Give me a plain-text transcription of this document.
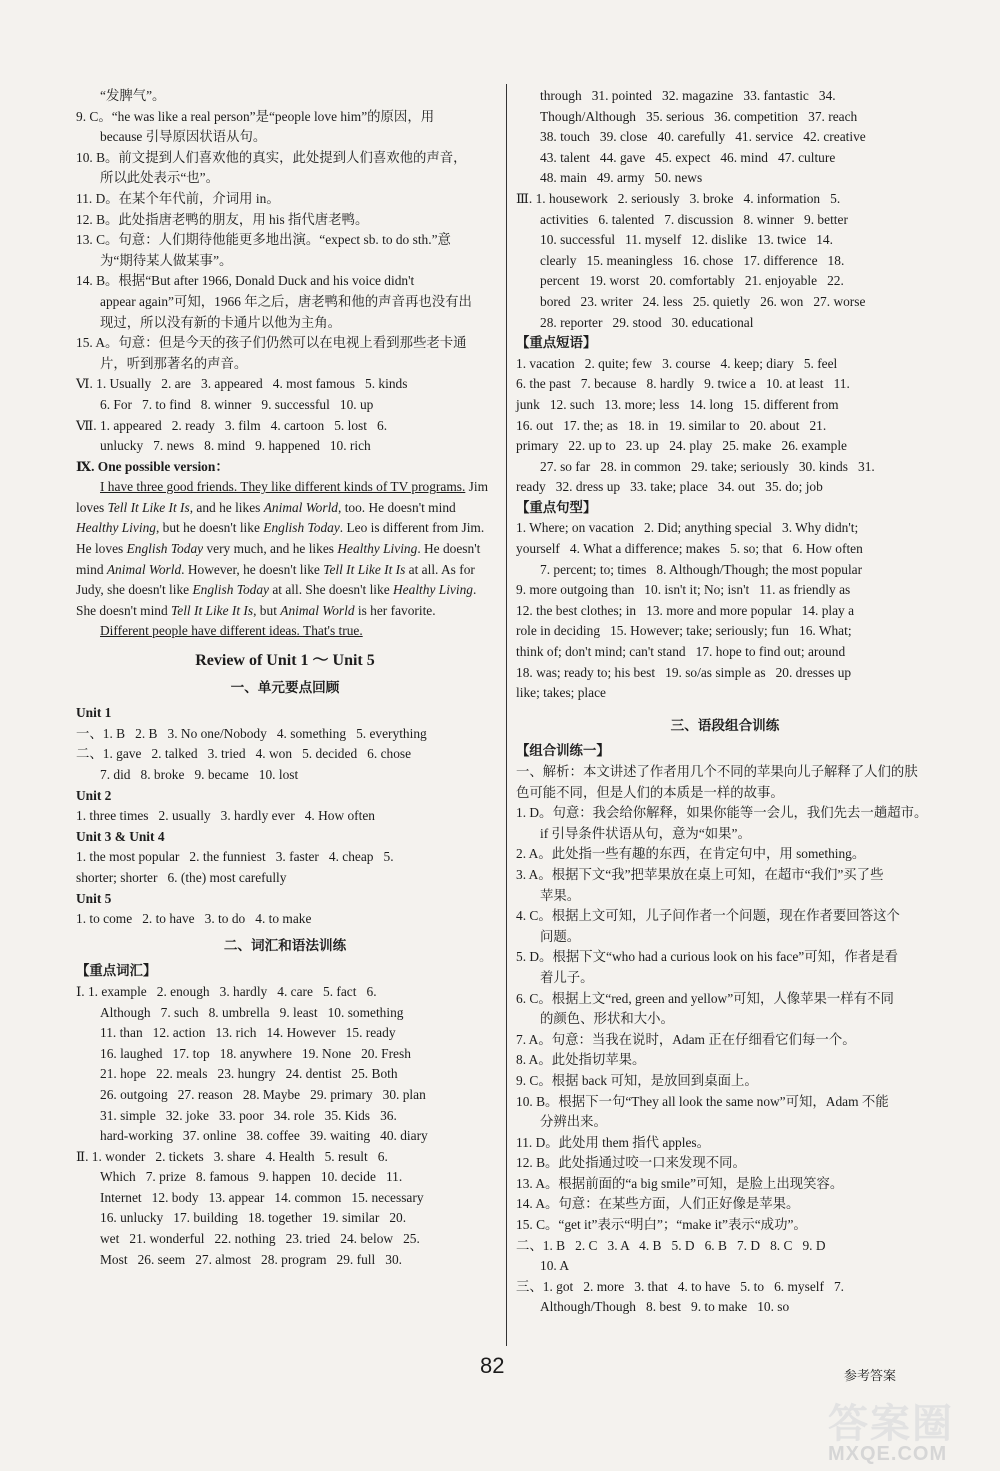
“发脾气”。
9. C。“he was like a real person”是“people love him”的原因，用
because 引导原因状语从句。
10. B。前文提到人们喜欢他的真实，此处提到人们喜欢他的声音，
所以此处表示“也”。
11. D。在某个年代前，介词用 in。
12. B。此处指唐老鸭的朋友，用 his 指代唐老鸭。
13. C。句意：人们期待他能更多地出演。“expect sb. to do sth.”意
为“期待某人做某事”。
14. B。根据“But after 1966, Donald Duck and his voice didn't
appear again”可知，1966 年之后，唐老鸭和他的声音再也没有出
现过，所以没有新的卡通片以他为主角。
15. A。句意：但是今天的孩子们仍然可以在电视上看到那些老卡通
片，听到那著名的声音。
Ⅵ. 1. Usually   2. are   3. appeared   4. most famous   5. kinds
6. For   7. to find   8. winner   9. successful   10. up
Ⅶ. 1. appeared   2. ready   3. film   4. cartoon   5. lost   6.
unlucky   7. news   8. mind   9. happened   10. rich
Ⅸ. One possible version：
I have three good friends. They like different kinds of TV programs. Jim loves Tell It Like It Is, and he likes Animal World, too. He doesn't mind Healthy Living, but he doesn't like English Today. Leo is different from Jim. He loves English Today very much, and he likes Healthy Living. He doesn't mind Animal World. However, he doesn't like Tell It Like It Is at all. As for Judy, she doesn't like English Today at all. She doesn't like Healthy Living. She doesn't mind Tell It Like It Is, but Animal World is her favorite.
Different people have different ideas. That's true.
Review of Unit 1 ～ Unit 5
一、单元要点回顾
Unit 1
一、1. B   2. B   3. No one/Nobody   4. something   5. everything
二、1. gave   2. talked   3. tried   4. won   5. decided   6. chose
7. did   8. broke   9. became   10. lost
Unit 2
1. three times   2. usually   3. hardly ever   4. How often
Unit 3 & Unit 4
1. the most popular   2. the funniest   3. faster   4. cheap   5.
shorter; shorter   6. (the) most carefully
Unit 5
1. to come   2. to have   3. to do   4. to make
二、词汇和语法训练
【重点词汇】
Ⅰ. 1. example   2. enough   3. hardly   4. care   5. fact   6.
Although   7. such   8. umbrella   9. least   10. something
11. than   12. action   13. rich   14. However   15. ready
16. laughed   17. top   18. anywhere   19. None   20. Fresh
21. hope   22. meals   23. hungry   24. dentist   25. Both
26. outgoing   27. reason   28. Maybe   29. primary   30. plan
31. simple   32. joke   33. poor   34. role   35. Kids   36.
hard-working   37. online   38. coffee   39. waiting   40. diary
Ⅱ. 1. wonder   2. tickets   3. share   4. Health   5. result   6.
Which   7. prize   8. famous   9. happen   10. decide   11.
Internet   12. body   13. appear   14. common   15. necessary
16. unlucky   17. building   18. together   19. similar   20.
wet   21. wonderful   22. nothing   23. tried   24. below   25.
Most   26. seem   27. almost   28. program   29. full   30.
through   31. pointed   32. magazine   33. fantastic   34.
Though/Although   35. serious   36. competition   37. reach
38. touch   39. close   40. carefully   41. service   42. creative
43. talent   44. gave   45. expect   46. mind   47. culture
48. main   49. army   50. news
Ⅲ. 1. housework   2. seriously   3. broke   4. information   5.
activities   6. talented   7. discussion   8. winner   9. better
10. successful   11. myself   12. dislike   13. twice   14.
clearly   15. meaningless   16. chose   17. difference   18.
percent   19. worst   20. comfortably   21. enjoyable   22.
bored   23. writer   24. less   25. quietly   26. won   27. worse
28. reporter   29. stood   30. educational
【重点短语】
1. vacation   2. quite; few   3. course   4. keep; diary   5. feel
6. the past   7. because   8. hardly   9. twice a   10. at least   11.
junk   12. such   13. more; less   14. long   15. different from
16. out   17. the; as   18. in   19. similar to   20. about   21.
primary   22. up to   23. up   24. play   25. make   26. example
27. so far   28. in common   29. take; seriously   30. kinds   31.
ready   32. dress up   33. take; place   34. out   35. do; job
【重点句型】
1. Where; on vacation   2. Did; anything special   3. Why didn't;
yourself   4. What a difference; makes   5. so; that   6. How often
7. percent; to; times   8. Although/Though; the most popular
9. more outgoing than   10. isn't it; No; isn't   11. as friendly as
12. the best clothes; in   13. more and more popular   14. play a
role in deciding   15. However; take; seriously; fun   16. What;
think of; don't mind; can't stand   17. hope to find out; around
18. was; ready to; his best   19. so/as simple as   20. dresses up
like; takes; place
三、语段组合训练
【组合训练一】
一、解析：本文讲述了作者用几个不同的苹果向儿子解释了人们的肤
色可能不同，但是人们的本质是一样的故事。
1. D。句意：我会给你解释，如果你能等一会儿，我们先去一趟超市。
if 引导条件状语从句，意为“如果”。
2. A。此处指一些有趣的东西，在肯定句中，用 something。
3. A。根据下文“我”把苹果放在桌上可知，在超市“我们”买了些
苹果。
4. C。根据上文可知，儿子问作者一个问题，现在作者要回答这个
问题。
5. D。根据下文“who had a curious look on his face”可知，作者是看
着儿子。
6. C。根据上文“red, green and yellow”可知，人像苹果一样有不同
的颜色、形状和大小。
7. A。句意：当我在说时，Adam 正在仔细看它们每一个。
8. A。此处指切苹果。
9. C。根据 back 可知，是放回到桌面上。
10. B。根据下一句“They all look the same now”可知，Adam 不能
分辨出来。
11. D。此处用 them 指代 apples。
12. B。此处指通过咬一口来发现不同。
13. A。根据前面的“a big smile”可知，是脸上出现笑容。
14. A。句意：在某些方面，人们正好像是苹果。
15. C。“get it”表示“明白”；“make it”表示“成功”。
二、1. B   2. C   3. A   4. B   5. D   6. B   7. D   8. C   9. D
10. A
三、1. got   2. more   3. that   4. to have   5. to   6. myself   7.
Although/Though   8. best   9. to make   10. so
82	参考答案
答案圈
MXQE.COM
